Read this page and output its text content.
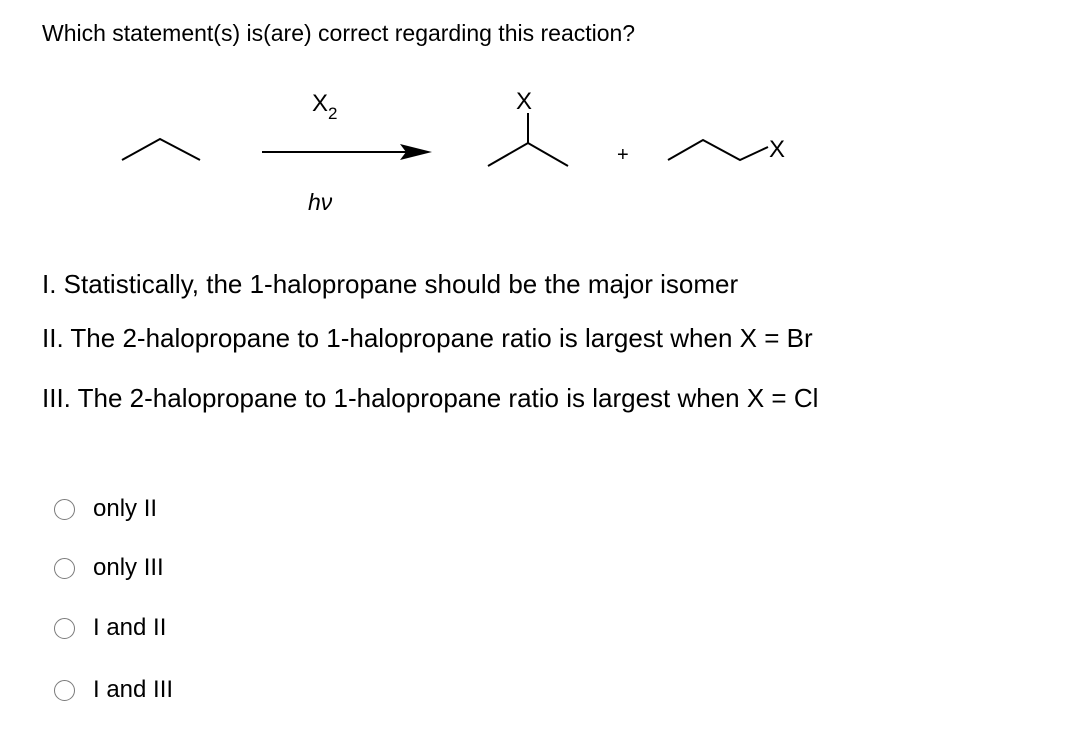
Which statement(s) is(are) correct regarding this reaction?
$X_2$
hν
X
+	X
I. Statistically, the 1-halopropane should be the major isomer
II. The 2-halopropane to 1-halopropane ratio is largest when X = Br
III. The 2-halopropane to 1-halopropane ratio is largest when X = Cl
only II
only III
I and II
I and III
